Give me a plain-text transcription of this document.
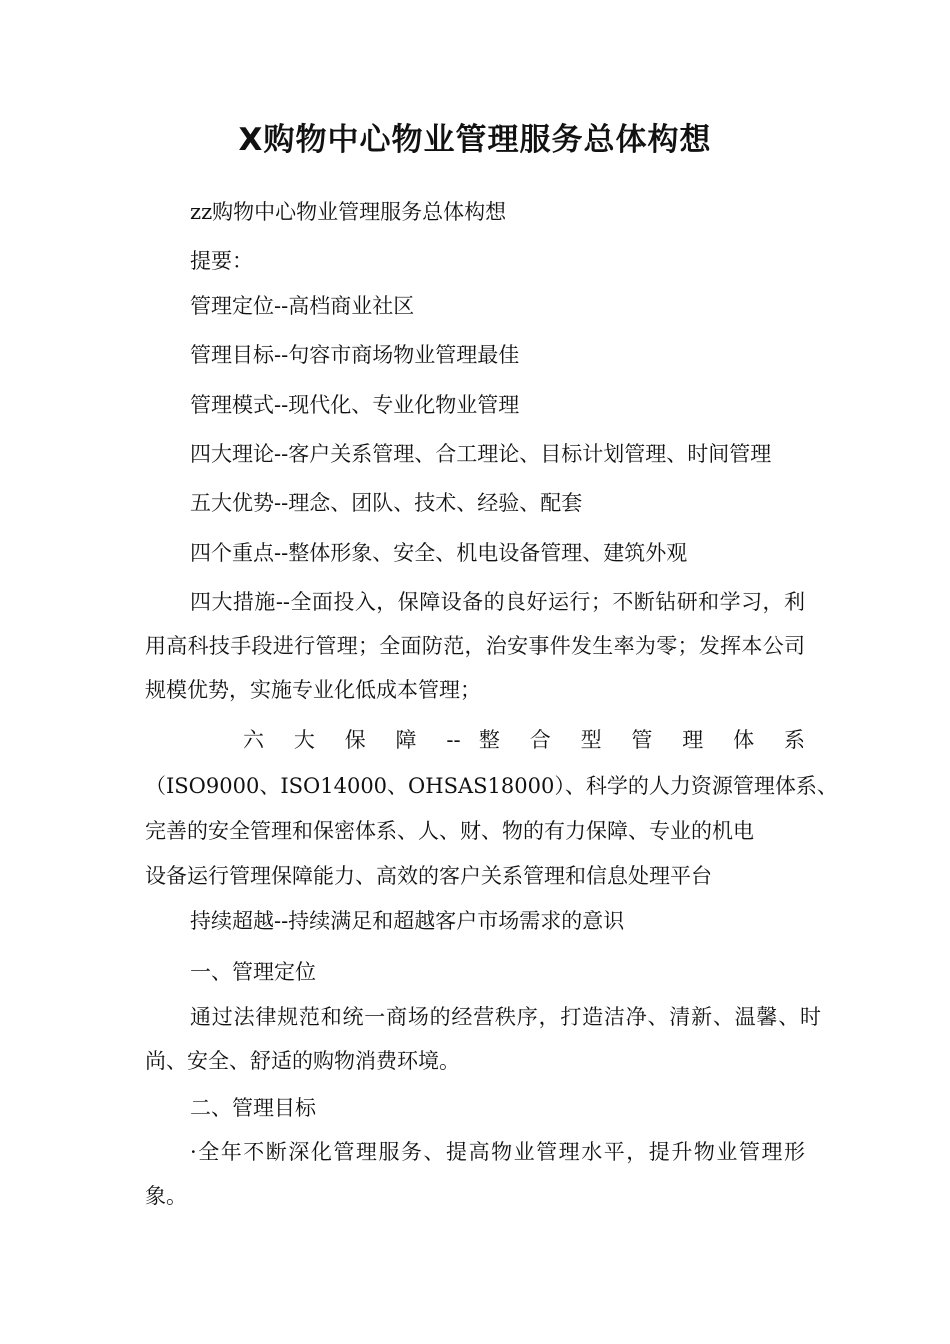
X购物中心物业管理服务总体构想

zz购物中心物业管理服务总体构想

提要：

管理定位--高档商业社区

管理目标--句容市商场物业管理最佳

管理模式--现代化、专业化物业管理

四大理论--客户关系管理、合工理论、目标计划管理、时间管理

五大优势--理念、团队、技术、经验、配套

四个重点--整体形象、安全、机电设备管理、建筑外观

四大措施--全面投入，保障设备的良好运行；不断钻研和学习，利用高科技手段进行管理；全面防范，治安事件发生率为零；发挥本公司规模优势，实施专业化低成本管理；

六 大 保 障 -- 整 合 型 管 理 体 系

（ISO9000、ISO14000、OHSAS18000）、科学的人力资源管理体系、
完善的安全管理和保密体系、人、财、物的有力保障、专业的机电
设备运行管理保障能力、高效的客户关系管理和信息处理平台

持续超越--持续满足和超越客户市场需求的意识

一、管理定位

通过法律规范和统一商场的经营秩序，打造洁净、清新、温馨、时尚、安全、舒适的购物消费环境。

二、管理目标

·全年不断深化管理服务、提高物业管理水平，提升物业管理形象。
